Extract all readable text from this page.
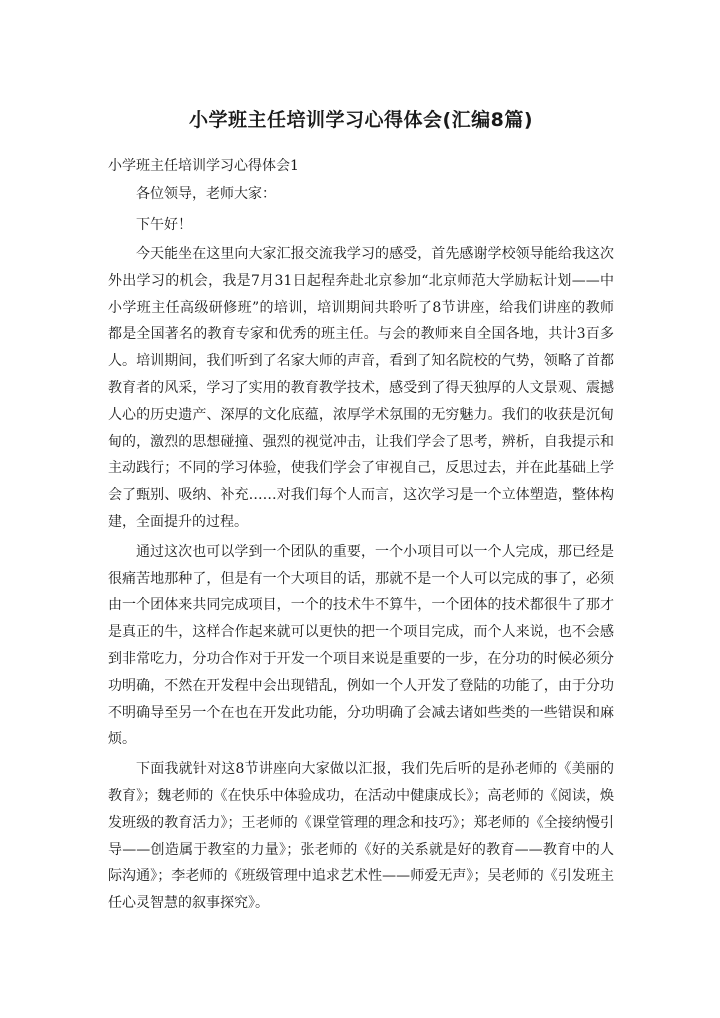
小学班主任培训学习心得体会(汇编8篇)

小学班主任培训学习心得体会1

各位领导，老师大家：

下午好！

今天能坐在这里向大家汇报交流我学习的感受，首先感谢学校领导能给我这次外出学习的机会，我是7月31日起程奔赴北京参加“北京师范大学励耘计划——中小学班主任高级研修班”的培训，培训期间共聆听了8节讲座，给我们讲座的教师都是全国著名的教育专家和优秀的班主任。与会的教师来自全国各地，共计3百多人。培训期间，我们听到了名家大师的声音，看到了知名院校的气势，领略了首都教育者的风采，学习了实用的教育教学技术，感受到了得天独厚的人文景观、震撼人心的历史遗产、深厚的文化底蕴，浓厚学术氛围的无穷魅力。我们的收获是沉甸甸的，激烈的思想碰撞、强烈的视觉冲击，让我们学会了思考，辨析，自我提示和主动践行；不同的学习体验，使我们学会了审视自己，反思过去，并在此基础上学会了甄别、吸纳、补充……对我们每个人而言，这次学习是一个立体塑造，整体构建，全面提升的过程。

通过这次也可以学到一个团队的重要，一个小项目可以一个人完成，那已经是很痛苦地那种了，但是有一个大项目的话，那就不是一个人可以完成的事了，必须由一个团体来共同完成项目，一个的技术牛不算牛，一个团体的技术都很牛了那才是真正的牛，这样合作起来就可以更快的把一个项目完成，而个人来说，也不会感到非常吃力，分功合作对于开发一个项目来说是重要的一步，在分功的时候必须分功明确，不然在开发程中会出现错乱，例如一个人开发了登陆的功能了，由于分功不明确导至另一个在也在开发此功能，分功明确了会减去诸如些类的一些错误和麻烦。

下面我就针对这8节讲座向大家做以汇报，我们先后听的是孙老师的《美丽的教育》；魏老师的《在快乐中体验成功，在活动中健康成长》；高老师的《阅读，焕发班级的教育活力》；王老师的《课堂管理的理念和技巧》；郑老师的《全接纳慢引导——创造属于教室的力量》；张老师的《好的关系就是好的教育——教育中的人际沟通》；李老师的《班级管理中追求艺术性——师爱无声》；吴老师的《引发班主任心灵智慧的叙事探究》。
